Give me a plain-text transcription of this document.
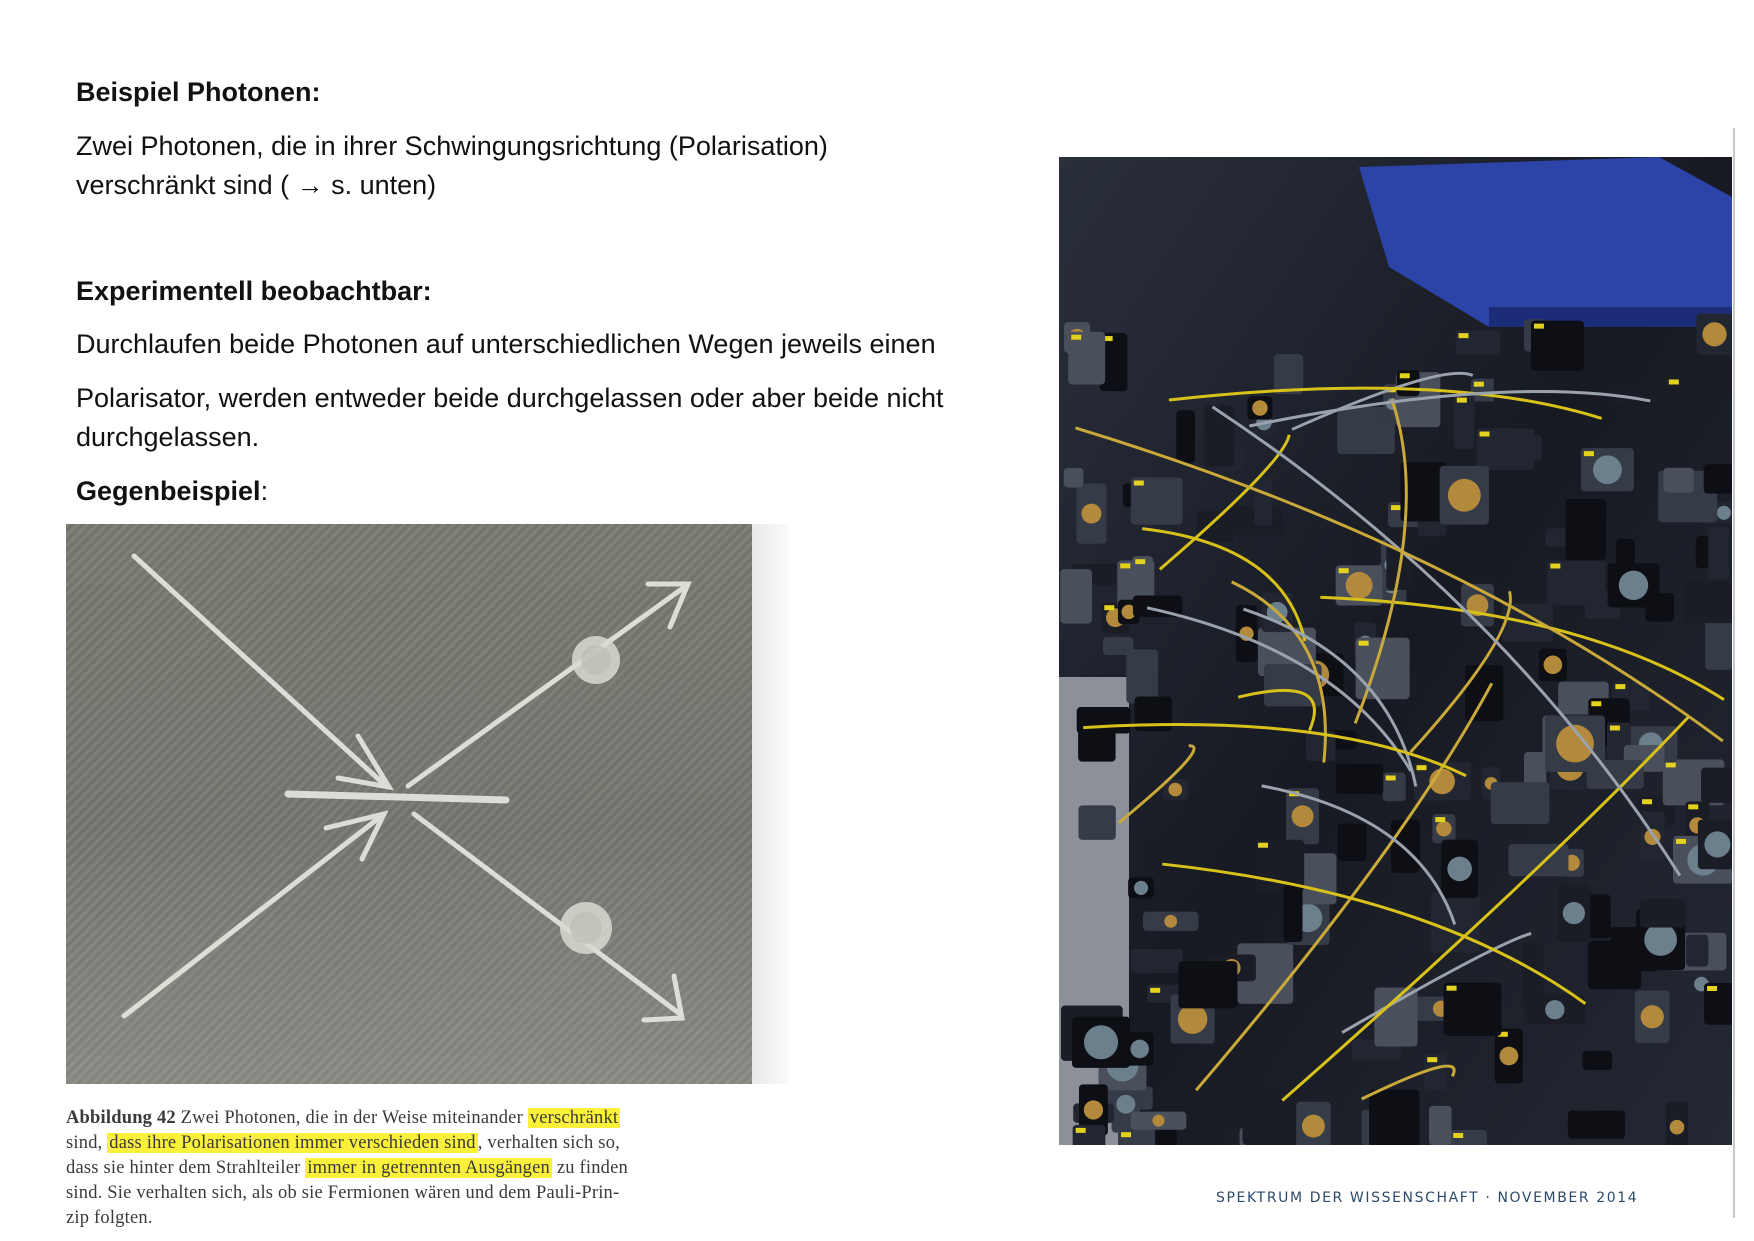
Beispiel Photonen:
Zwei Photonen, die in ihrer Schwingungsrichtung (Polarisation)
verschränkt sind ( → s. unten)
Experimentell beobachtbar:
Durchlaufen beide Photonen auf unterschiedlichen Wegen jeweils einen
Polarisator, werden entweder beide durchgelassen oder aber beide nicht
durchgelassen.
Gegenbeispiel:
Abbildung 42 Zwei Photonen, die in der Weise miteinander verschränkt
sind, dass ihre Polarisationen immer verschieden sind , verhalten sich so,
dass sie hinter dem Strahlteiler immer in getrennten Ausgängen zu finden
sind. Sie verhalten sich, als ob sie Fermionen wären und dem Pauli-Prin-
zip folgten.
SPEKTRUM DER WISSENSCHAFT · NOVEMBER 2014
